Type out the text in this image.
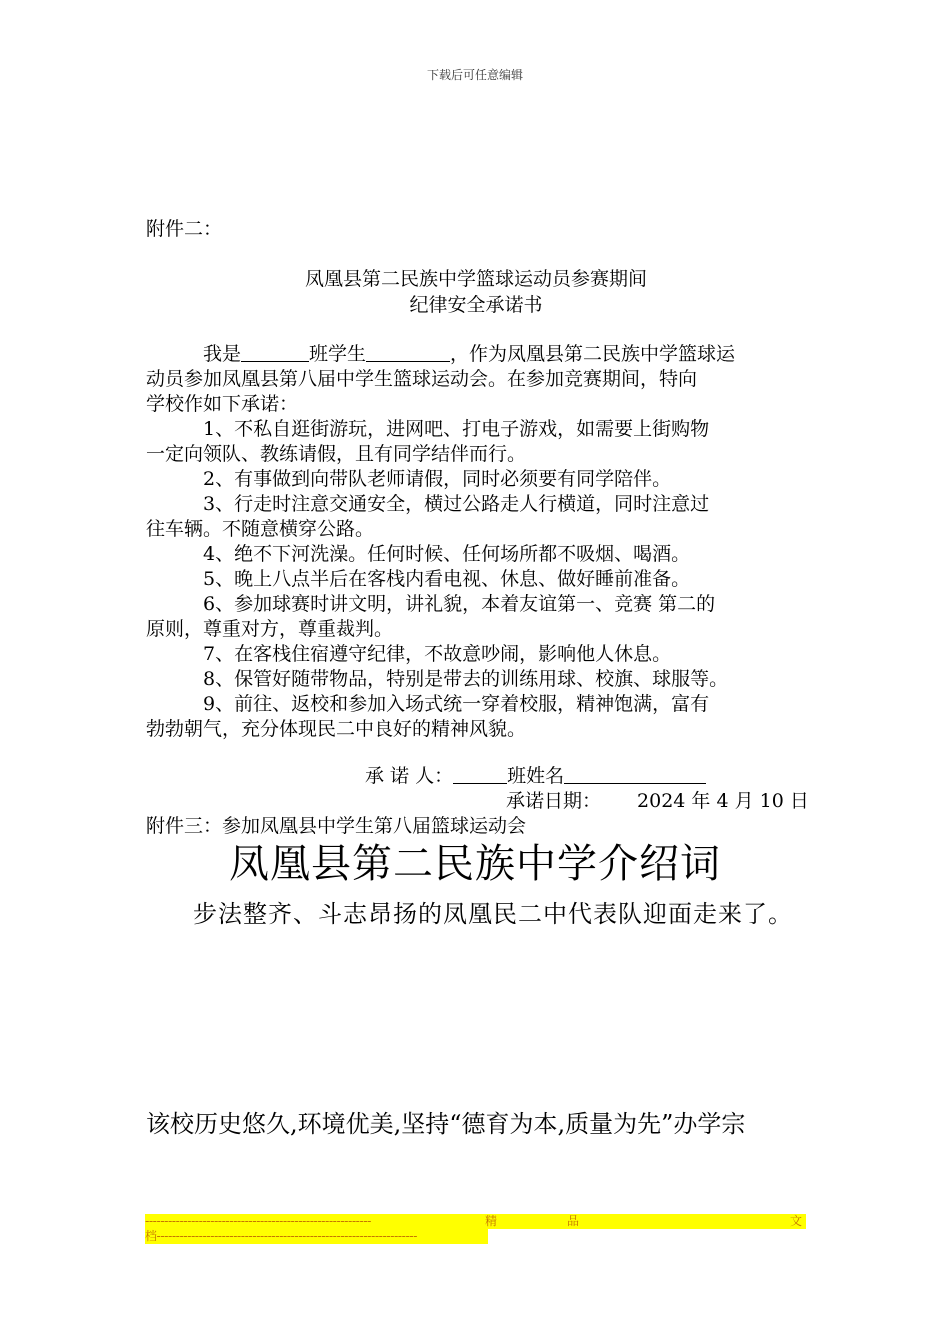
下载后可任意编辑
附件二：
凤凰县第二民族中学篮球运动员参赛期间
纪律安全承诺书
我是	班学生	，作为凤凰县第二民族中学篮球运
动员参加凤凰县第八届中学生篮球运动会。在参加竞赛期间，特向
学校作如下承诺：
1、不私自逛街游玩，进网吧、打电子游戏，如需要上街购物
一定向领队、教练请假，且有同学结伴而行。
2、有事做到向带队老师请假，同时必须要有同学陪伴。
3、行走时注意交通安全，横过公路走人行横道，同时注意过
往车辆。不随意横穿公路。
4、绝不下河洗澡。任何时候、任何场所都不吸烟、喝酒。
5、晚上八点半后在客栈内看电视、休息、做好睡前准备。
6、参加球赛时讲文明，讲礼貌，本着友谊第一、竞赛 第二的
原则，尊重对方，尊重裁判。
7、在客栈住宿遵守纪律，不故意吵闹，影响他人休息。
8、保管好随带物品，特别是带去的训练用球、校旗、球服等。
9、前往、返校和参加入场式统一穿着校服，精神饱满，富有
勃勃朝气，充分体现民二中良好的精神风貌。
承 诺 人：	班姓名
承诺日期： 2024 年 4 月 10 日
附件三：参加凤凰县中学生第八届篮球运动会
凤凰县第二民族中学介绍词
步法整齐、斗志昂扬的凤凰民二中代表队迎面走来了。
该校历史悠久,环境优美,坚持“德育为本,质量为先”办学宗
-----------------------------------------------------------	精	品	文
档--------------------------------------------------------------------
